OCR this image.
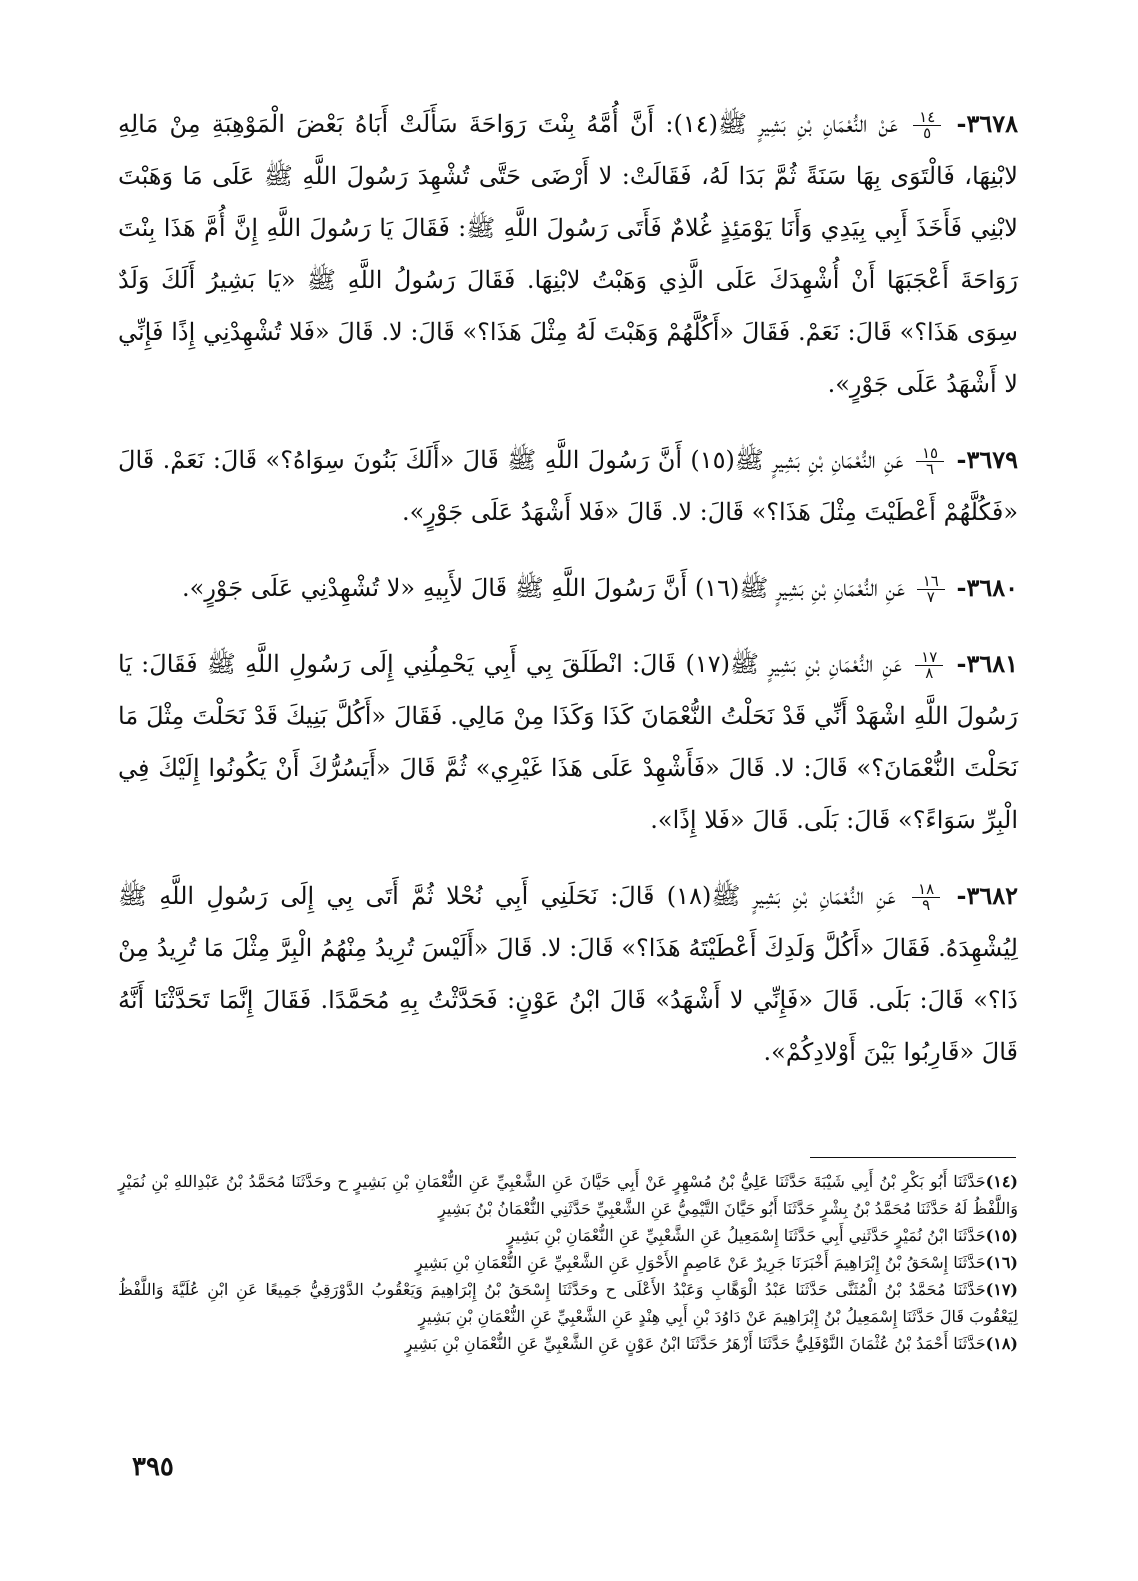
٣٦٧٨-
$\frac{١٤}{٥}$
عَنْ النُّعْمَانِ بْنِ بَشِيرٍ ﷺ(١٤): أَنَّ أُمَّهُ بِنْتَ رَوَاحَةَ سَأَلَتْ أَبَاهُ بَعْضَ الْمَوْهِبَةِ مِنْ مَالِهِ لابْنِهَا، فَالْتَوَى بِهَا سَنَةً ثُمَّ بَدَا لَهُ، فَقَالَتْ: لا أَرْضَى حَتَّى تُشْهِدَ رَسُولَ اللَّهِ ﷺ عَلَى مَا وَهَبْتَ لابْنِي فَأَخَذَ أَبِي بِيَدِي وَأَنَا يَوْمَئِذٍ غُلامٌ فَأَتَى رَسُولَ اللَّهِ ﷺ: فَقَالَ يَا رَسُولَ اللَّهِ إِنَّ أُمَّ هَذَا بِنْتَ رَوَاحَةَ أَعْجَبَهَا أَنْ أُشْهِدَكَ عَلَى الَّذِي وَهَبْتُ لابْنِهَا. فَقَالَ رَسُولُ اللَّهِ ﷺ «يَا بَشِيرُ أَلَكَ وَلَدٌ سِوَى هَذَا؟» قَالَ: نَعَمْ. فَقَالَ «أَكُلَّهُمْ وَهَبْتَ لَهُ مِثْلَ هَذَا؟» قَالَ: لا. قَالَ «فَلا تُشْهِدْنِي إِذًا فَإِنِّي لا أَشْهَدُ عَلَى جَوْرٍ».

٣٦٧٩-
$\frac{١٥}{٦}$
عَنِ النُّعْمَانِ بْنِ بَشِيرٍ ﷺ(١٥) أَنَّ رَسُولَ اللَّهِ ﷺ قَالَ «أَلَكَ بَنُونَ سِوَاهُ؟» قَالَ: نَعَمْ. قَالَ «فَكُلَّهُمْ أَعْطَيْتَ مِثْلَ هَذَا؟» قَالَ: لا. قَالَ «فَلا أَشْهَدُ عَلَى جَوْرٍ».

٣٦٨٠-
$\frac{١٦}{٧}$
عَنِ النُّعْمَانِ بْنِ بَشِيرٍ ﷺ(١٦) أَنَّ رَسُولَ اللَّهِ ﷺ قَالَ لأَبِيهِ «لا تُشْهِدْنِي عَلَى جَوْرٍ».

٣٦٨١-
$\frac{١٧}{٨}$
عَنِ النُّعْمَانِ بْنِ بَشِيرٍ ﷺ(١٧) قَالَ: انْطَلَقَ بِي أَبِي يَحْمِلُنِي إِلَى رَسُولِ اللَّهِ ﷺ فَقَالَ: يَا رَسُولَ اللَّهِ اشْهَدْ أَنِّي قَدْ نَحَلْتُ النُّعْمَانَ كَذَا وَكَذَا مِنْ مَالِي. فَقَالَ «أَكُلَّ بَنِيكَ قَدْ نَحَلْتَ مِثْلَ مَا نَحَلْتَ النُّعْمَانَ؟» قَالَ: لا. قَالَ «فَأَشْهِدْ عَلَى هَذَا غَيْرِي» ثُمَّ قَالَ «أَيَسُرُّكَ أَنْ يَكُونُوا إِلَيْكَ فِي الْبِرِّ سَوَاءً؟» قَالَ: بَلَى. قَالَ «فَلا إِذًا».

٣٦٨٢-
$\frac{١٨}{٩}$
عَنِ النُّعْمَانِ بْنِ بَشِيرٍ ﷺ(١٨) قَالَ: نَحَلَنِي أَبِي نُحْلا ثُمَّ أَتَى بِي إِلَى رَسُولِ اللَّهِ ﷺ لِيُشْهِدَهُ. فَقَالَ «أَكُلَّ وَلَدِكَ أَعْطَيْتَهُ هَذَا؟» قَالَ: لا. قَالَ «أَلَيْسَ تُرِيدُ مِنْهُمُ الْبِرَّ مِثْلَ مَا تُرِيدُ مِنْ ذَا؟» قَالَ: بَلَى. قَالَ «فَإِنِّي لا أَشْهَدُ» قَالَ ابْنُ عَوْنٍ: فَحَدَّثْتُ بِهِ مُحَمَّدًا. فَقَالَ إِنَّمَا تَحَدَّثْنَا أَنَّهُ قَالَ «قَارِبُوا بَيْنَ أَوْلادِكُمْ».

(١٤)حَدَّثَنَا أَبُو بَكْرِ بْنُ أَبِي شَيْبَةَ حَدَّثَنَا عَلِيُّ بْنُ مُسْهِرٍ عَنْ أَبِي حَيَّانَ عَنِ الشَّعْبِيِّ عَنِ النُّعْمَانِ بْنِ بَشِيرٍ ح وحَدَّثَنَا مُحَمَّدُ بْنُ عَبْدِاللهِ بْنِ نُمَيْرٍ وَاللَّفْظُ لَهُ حَدَّثَنَا مُحَمَّدُ بْنُ بِشْرٍ حَدَّثَنَا أَبُو حَيَّانَ التَّيْمِيُّ عَنِ الشَّعْبِيِّ حَدَّثَنِي النُّعْمَانُ بْنُ بَشِيرٍ

(١٥)حَدَّثَنَا ابْنُ نُمَيْرٍ حَدَّثَنِي أَبِي حَدَّثَنَا إِسْمَعِيلُ عَنِ الشَّعْبِيِّ عَنِ النُّعْمَانِ بْنِ بَشِيرٍ

(١٦)حَدَّثَنَا إِسْحَقُ بْنُ إِبْرَاهِيمَ أَخْبَرَنَا جَرِيرٌ عَنْ عَاصِمٍ الأَحْوَلِ عَنِ الشَّعْبِيِّ عَنِ النُّعْمَانِ بْنِ بَشِيرٍ

(١٧)حَدَّثَنَا مُحَمَّدُ بْنُ الْمُثَنَّى حَدَّثَنَا عَبْدُ الْوَهَّابِ وَعَبْدُ الأَعْلَى ح وحَدَّثَنَا إِسْحَقُ بْنُ إِبْرَاهِيمَ وَيَعْقُوبُ الدَّوْرَقِيُّ جَمِيعًا عَنِ ابْنِ عُلَيَّةَ وَاللَّفْظُ لِيَعْقُوبَ قَالَ حَدَّثَنَا إِسْمَعِيلُ بْنُ إِبْرَاهِيمَ عَنْ دَاوُدَ بْنِ أَبِي هِنْدٍ عَنِ الشَّعْبِيِّ عَنِ النُّعْمَانِ بْنِ بَشِيرٍ

(١٨)حَدَّثَنَا أَحْمَدُ بْنُ عُثْمَانَ النَّوْفَلِيُّ حَدَّثَنَا أَزْهَرُ حَدَّثَنَا ابْنُ عَوْنٍ عَنِ الشَّعْبِيِّ عَنِ النُّعْمَانِ بْنِ بَشِيرٍ

٣٩٥
